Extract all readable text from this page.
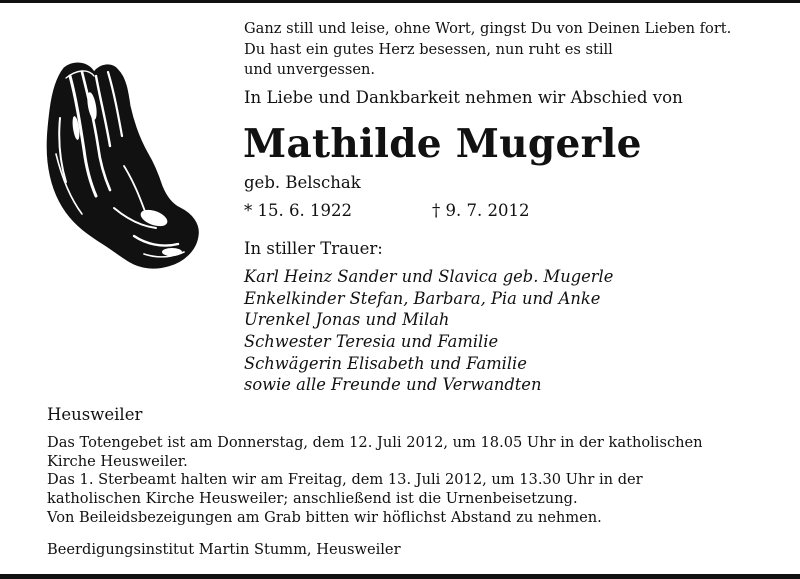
Ganz still und leise, ohne Wort, gingst Du von Deinen Lieben fort.
Du hast ein gutes Herz besessen, nun ruht es still
und unvergessen.
In Liebe und Dankbarkeit nehmen wir Abschied von
Mathilde Mugerle
geb. Belschak
* 15. 6. 1922	† 9. 7. 2012
In stiller Trauer:
Karl Heinz Sander und Slavica geb. Mugerle
Enkelkinder Stefan, Barbara, Pia und Anke
Urenkel Jonas und Milah
Schwester Teresia und Familie
Schwägerin Elisabeth und Familie
sowie alle Freunde und Verwandten
Heusweiler
Das Totengebet ist am Donnerstag, dem 12. Juli 2012, um 18.05 Uhr in der katholischen
Kirche Heusweiler.
Das 1. Sterbeamt halten wir am Freitag, dem 13. Juli 2012, um 13.30 Uhr in der
katholischen Kirche Heusweiler; anschließend ist die Urnenbeisetzung.
Von Beileidsbezeigungen am Grab bitten wir höflichst Abstand zu nehmen.
Beerdigungsinstitut Martin Stumm, Heusweiler
